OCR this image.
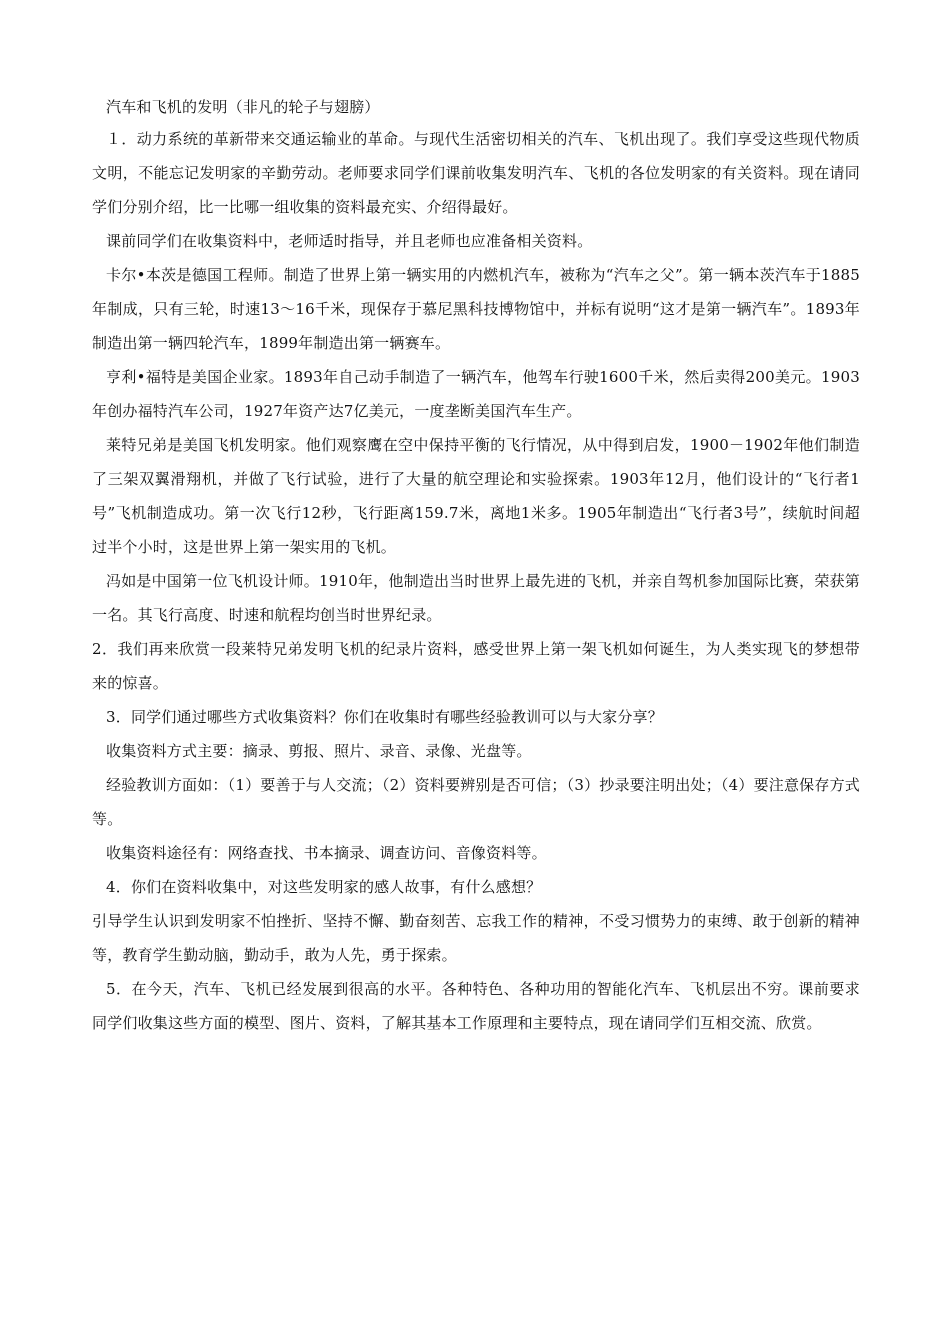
汽车和飞机的发明（非凡的轮子与翅膀）

１．动力系统的革新带来交通运输业的革命。与现代生活密切相关的汽车、飞机出现了。我们享受这些现代物质文明，不能忘记发明家的辛勤劳动。老师要求同学们课前收集发明汽车、飞机的各位发明家的有关资料。现在请同学们分别介绍，比一比哪一组收集的资料最充实、介绍得最好。

课前同学们在收集资料中，老师适时指导，并且老师也应准备相关资料。

卡尔•本茨是德国工程师。制造了世界上第一辆实用的内燃机汽车，被称为“汽车之父”。第一辆本茨汽车于1885年制成，只有三轮，时速13～16千米，现保存于慕尼黑科技博物馆中，并标有说明“这才是第一辆汽车”。1893年制造出第一辆四轮汽车，1899年制造出第一辆赛车。

亨利•福特是美国企业家。1893年自己动手制造了一辆汽车，他驾车行驶1600千米，然后卖得200美元。1903年创办福特汽车公司，1927年资产达7亿美元，一度垄断美国汽车生产。

莱特兄弟是美国飞机发明家。他们观察鹰在空中保持平衡的飞行情况，从中得到启发，1900－1902年他们制造了三架双翼滑翔机，并做了飞行试验，进行了大量的航空理论和实验探索。1903年12月，他们设计的“飞行者1号”飞机制造成功。第一次飞行12秒，飞行距离159.7米，离地1米多。1905年制造出“飞行者3号”，续航时间超过半个小时，这是世界上第一架实用的飞机。

冯如是中国第一位飞机设计师。1910年，他制造出当时世界上最先进的飞机，并亲自驾机参加国际比赛，荣获第一名。其飞行高度、时速和航程均创当时世界纪录。

2．我们再来欣赏一段莱特兄弟发明飞机的纪录片资料，感受世界上第一架飞机如何诞生，为人类实现飞的梦想带来的惊喜。

3．同学们通过哪些方式收集资料？你们在收集时有哪些经验教训可以与大家分享？

收集资料方式主要：摘录、剪报、照片、录音、录像、光盘等。

经验教训方面如：（1）要善于与人交流；（2）资料要辨别是否可信；（3）抄录要注明出处；（4）要注意保存方式等。

收集资料途径有：网络查找、书本摘录、调查访问、音像资料等。

4．你们在资料收集中，对这些发明家的感人故事，有什么感想？

引导学生认识到发明家不怕挫折、坚持不懈、勤奋刻苦、忘我工作的精神，不受习惯势力的束缚、敢于创新的精神等，教育学生勤动脑，勤动手，敢为人先，勇于探索。

5．在今天，汽车、飞机已经发展到很高的水平。各种特色、各种功用的智能化汽车、飞机层出不穷。课前要求同学们收集这些方面的模型、图片、资料，了解其基本工作原理和主要特点，现在请同学们互相交流、欣赏。
